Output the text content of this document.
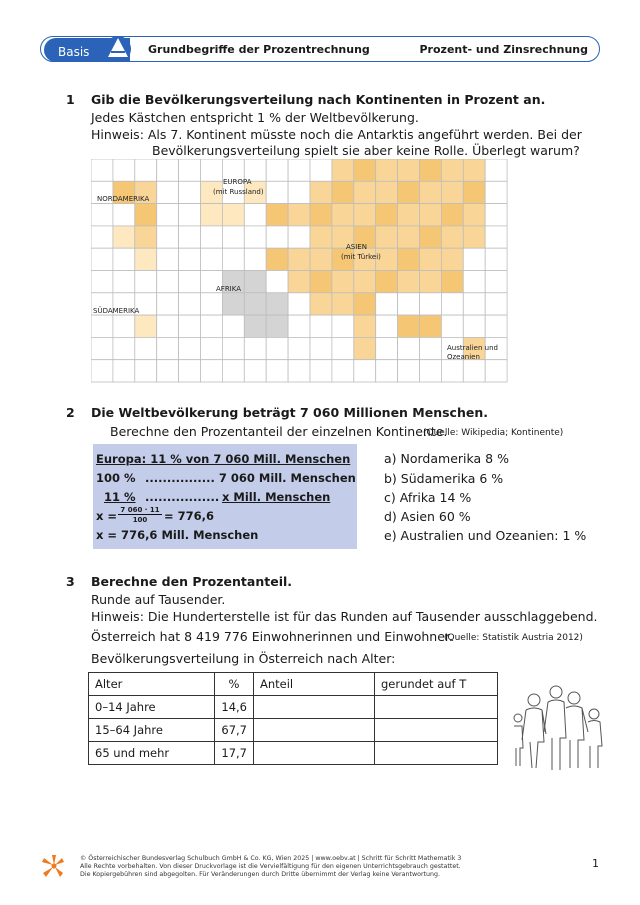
Basis	Grundbegriffe der Prozentrechnung	Prozent- und Zinsrechnung
1 Gib die Bevölkerungsverteilung nach Kontinenten in Prozent an.
Jedes Kästchen entspricht 1 % der Weltbevölkerung.
Hinweis: Als 7. Kontinent müsste noch die Antarktis angeführt werden. Bei der
Bevölkerungsverteilung spielt sie aber keine Rolle. Überlegt warum?
NORDAMERIKA
EUROPA
(mit Russland)
ASIEN
(mit Türkei)
AFRIKA
SÜDAMERIKA
Australien und
Ozeanien
2 Die Weltbevölkerung beträgt 7 060 Millionen Menschen.
Berechne den Prozentanteil der einzelnen Kontinente.
(Quelle: Wikipedia; Kontinente)
Europa: 11 % von 7 060 Mill. Menschen
100 % ................ 7 060 Mill. Menschen
11 % ................. x Mill. Menschen
x = 7 060 · 11
100	= 776,6
x = 776,6 Mill. Menschen
a) Nordamerika 8 %
b) Südamerika 6 %
c) Afrika 14 %
d) Asien 60 %
e) Australien und Ozeanien: 1 %
3 Berechne den Prozentanteil.
Runde auf Tausender.
Hinweis: Die Hunderterstelle ist für das Runden auf Tausender ausschlaggebend.
Österreich hat 8 419 776 Einwohnerinnen und Einwohner.
(Quelle: Statistik Austria 2012)
Bevölkerungsverteilung in Österreich nach Alter:
Alter	%	Anteil	gerundet auf T
0–14 Jahre	14,6		
15–64 Jahre	67,7		
65 und mehr	17,7		
© Österreichischer Bundesverlag Schulbuch GmbH & Co. KG, Wien 2025 | www.oebv.at | Schritt für Schritt Mathematik 3
Alle Rechte vorbehalten. Von dieser Druckvorlage ist die Vervielfältigung für den eigenen Unterrichtsgebrauch gestattet.
Die Kopiergebühren sind abgegolten. Für Veränderungen durch Dritte übernimmt der Verlag keine Verantwortung.
1
